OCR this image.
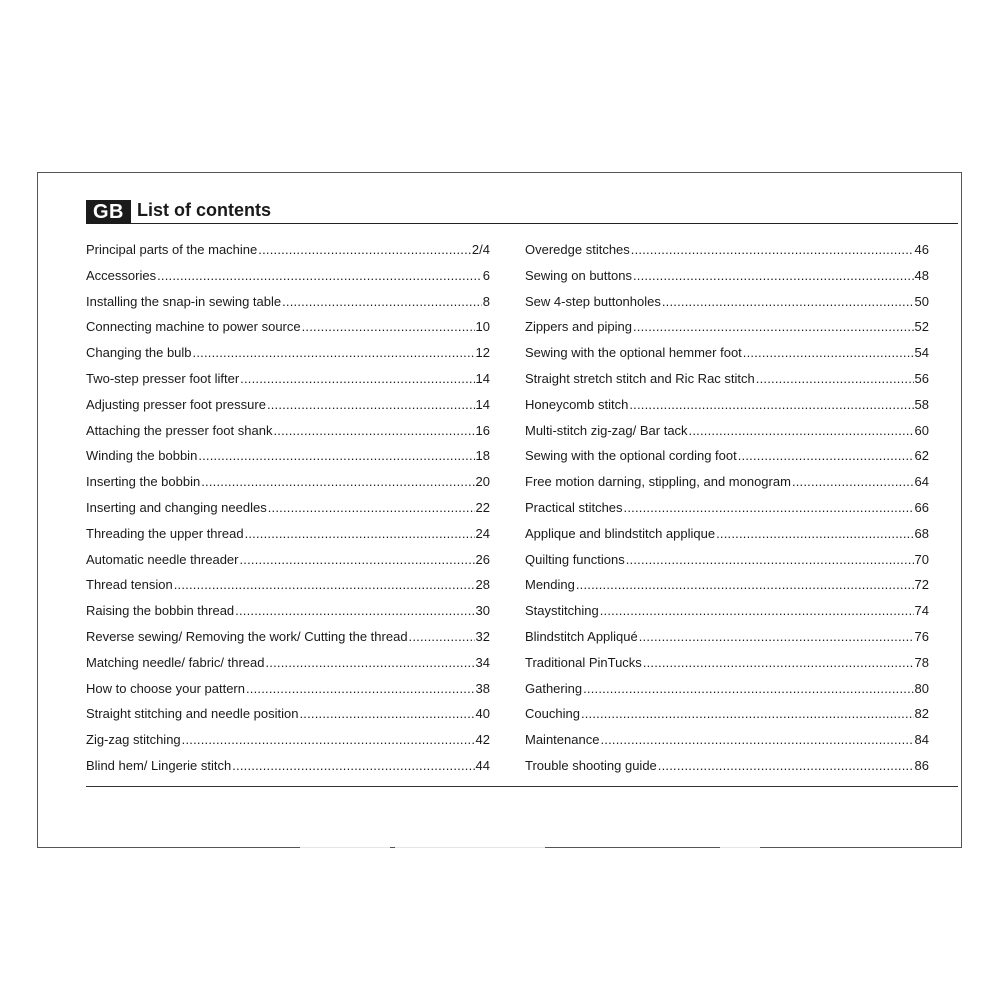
GB List of contents
Principal parts of the machine .....	2/4
Accessories .....	6
Installing the snap-in sewing table .....	8
Connecting machine to power source .....	10
Changing the bulb .....	12
Two-step presser foot lifter .....	14
Adjusting presser foot pressure .....	14
Attaching the presser foot shank .....	16
Winding the bobbin .....	18
Inserting the bobbin .....	20
Inserting and changing needles .....	22
Threading the upper thread .....	24
Automatic needle threader .....	26
Thread tension .....	28
Raising the bobbin thread .....	30
Reverse sewing/ Removing the work/ Cutting the thread .....	32
Matching needle/ fabric/ thread .....	34
How to choose your pattern .....	38
Straight stitching and needle position .....	40
Zig-zag stitching .....	42
Blind hem/ Lingerie stitch .....	44
Overedge stitches .....	46
Sewing on buttons .....	48
Sew 4-step buttonholes .....	50
Zippers and piping .....	52
Sewing with the optional hemmer foot .....	54
Straight stretch stitch and Ric Rac stitch .....	56
Honeycomb stitch .....	58
Multi-stitch zig-zag/ Bar tack .....	60
Sewing with the optional cording foot .....	62
Free motion darning, stippling, and monogram .....	64
Practical stitches .....	66
Applique and blindstitch applique .....	68
Quilting functions .....	70
Mending .....	72
Staystitching .....	74
Blindstitch Appliqué .....	76
Traditional PinTucks .....	78
Gathering .....	80
Couching .....	82
Maintenance .....	84
Trouble shooting guide .....	86
